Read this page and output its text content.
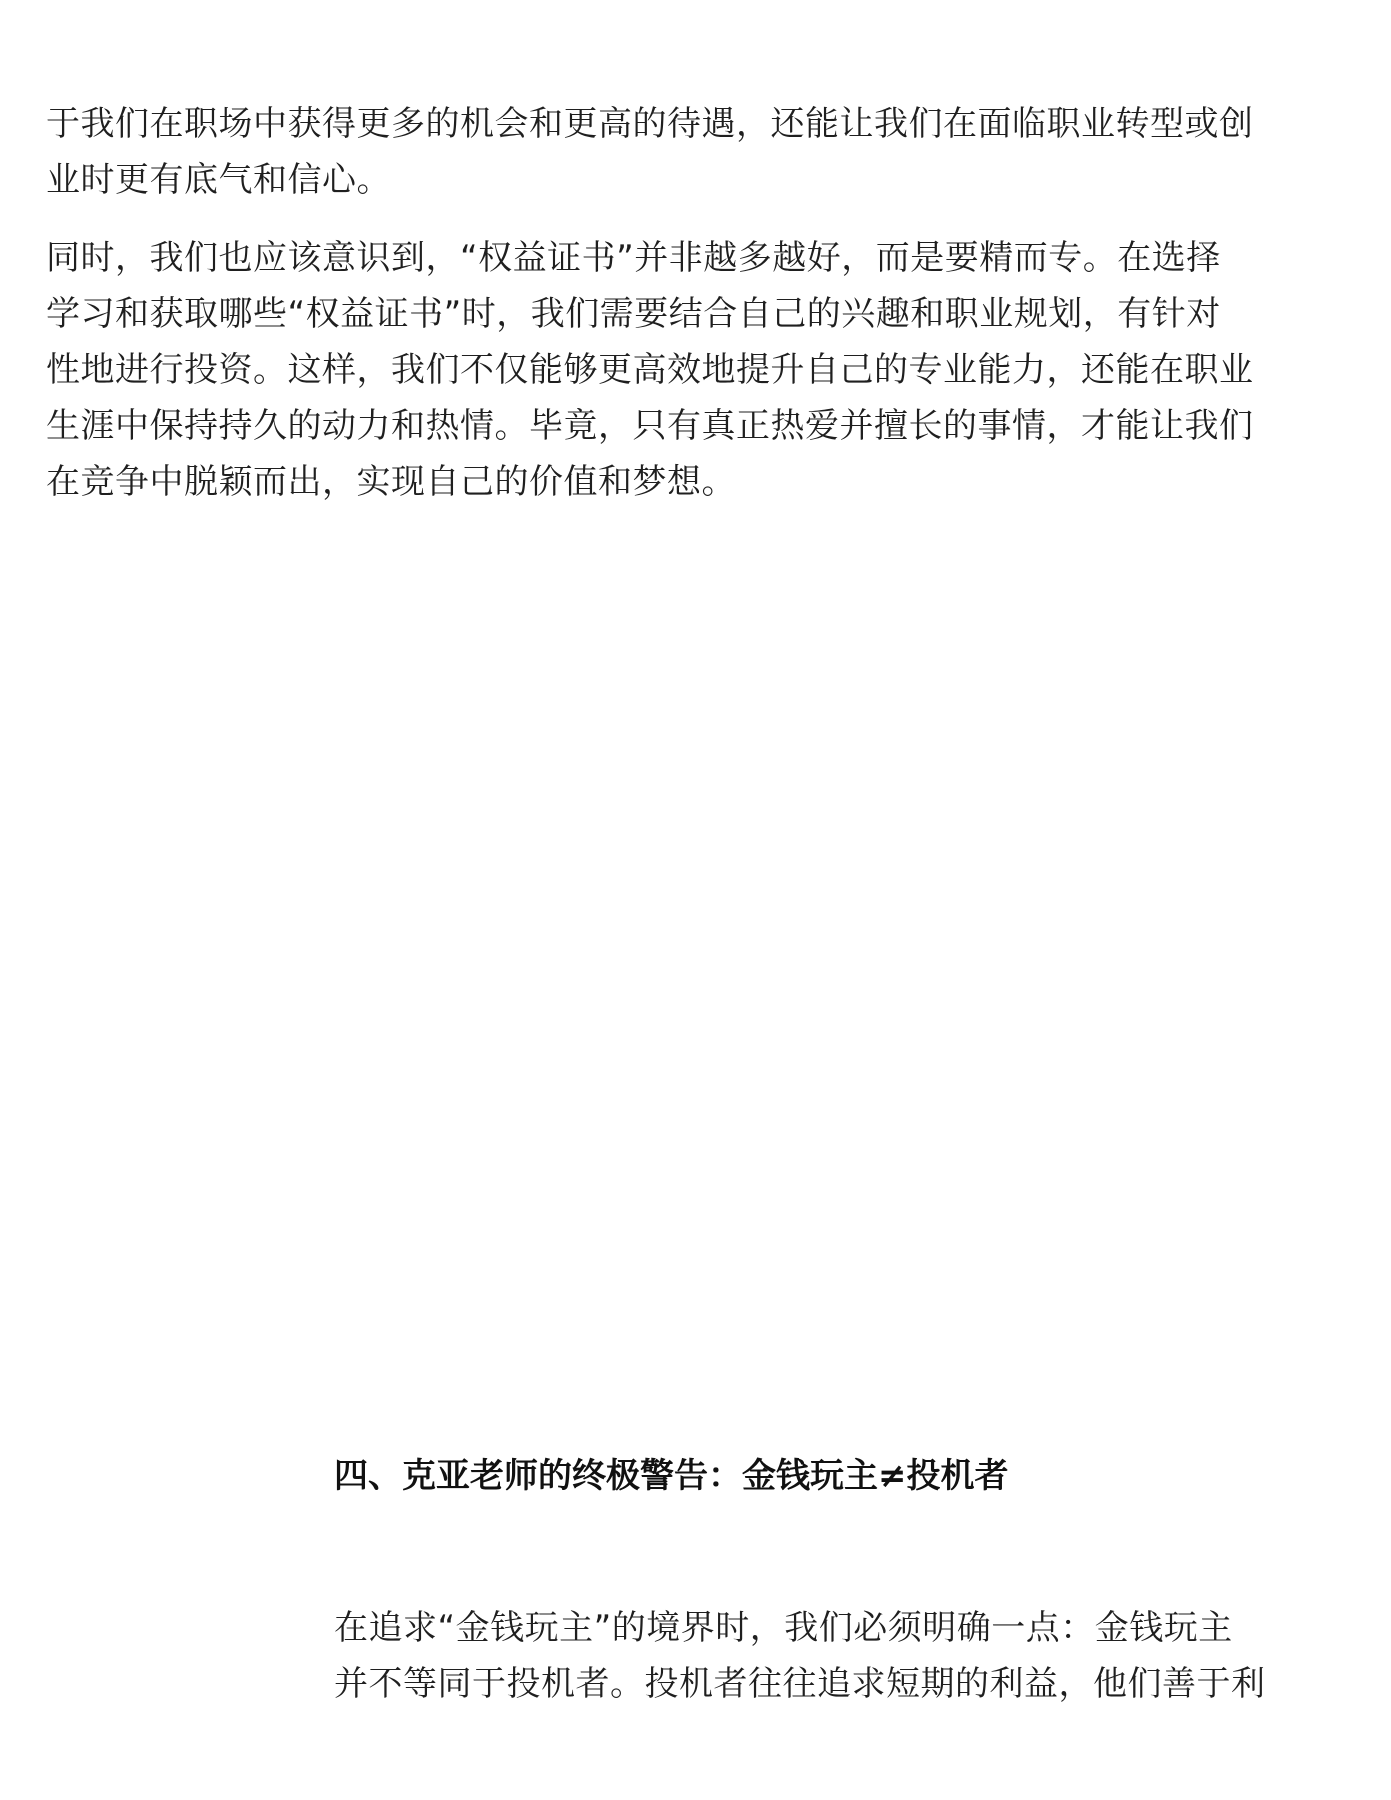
于我们在职场中获得更多的机会和更高的待遇，还能让我们在面临职业转型或创
业时更有底气和信心。

同时，我们也应该意识到，“权益证书”并非越多越好，而是要精而专。在选择
学习和获取哪些“权益证书”时，我们需要结合自己的兴趣和职业规划，有针对
性地进行投资。这样，我们不仅能够更高效地提升自己的专业能力，还能在职业
生涯中保持持久的动力和热情。毕竟，只有真正热爱并擅长的事情，才能让我们
在竞争中脱颖而出，实现自己的价值和梦想。

四、克亚老师的终极警告：金钱玩主≠投机者

在追求“金钱玩主”的境界时，我们必须明确一点：金钱玩主
并不等同于投机者。投机者往往追求短期的利益，他们善于利
